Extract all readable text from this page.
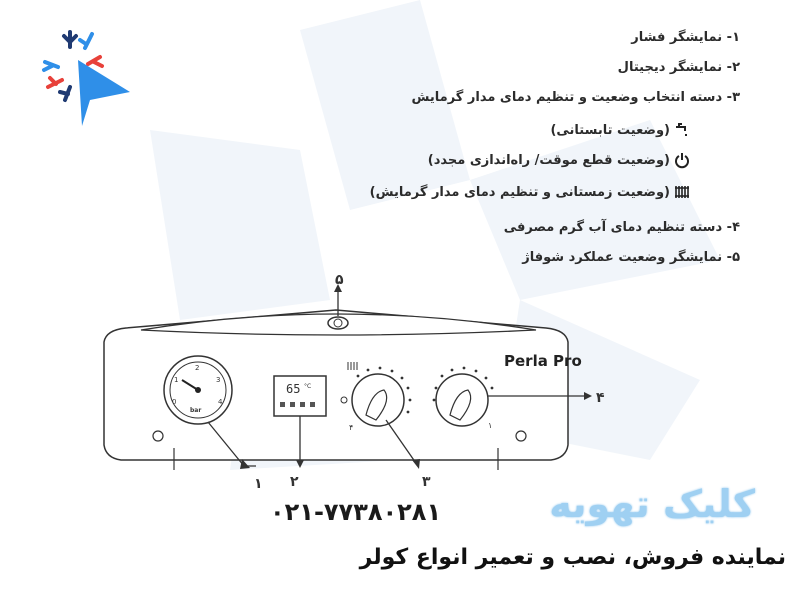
۱- نمایشگر فشار
۲- نمایشگر دیجیتال
۳- دسته انتخاب وضعیت و تنظیم دمای مدار گرمایش
(وضعیت تابستانی)
(وضعیت قطع موقت/ راه‌اندازی مجدد)
(وضعیت زمستانی و تنظیم دمای مدار گرمایش)
۴- دسته تنظیم دمای آب گرم مصرفی
۵- نمایشگر وضعیت عملکرد شوفاژ
۵
0
1
2
3
4
bar
65 °C
۴	۱
Perla Pro
۱ ۲	۳
۴
۰۲۱-۷۷۳۸۰۲۸۱	کلیک تهویه
نماینده فروش، نصب و تعمیر انواع کولر
